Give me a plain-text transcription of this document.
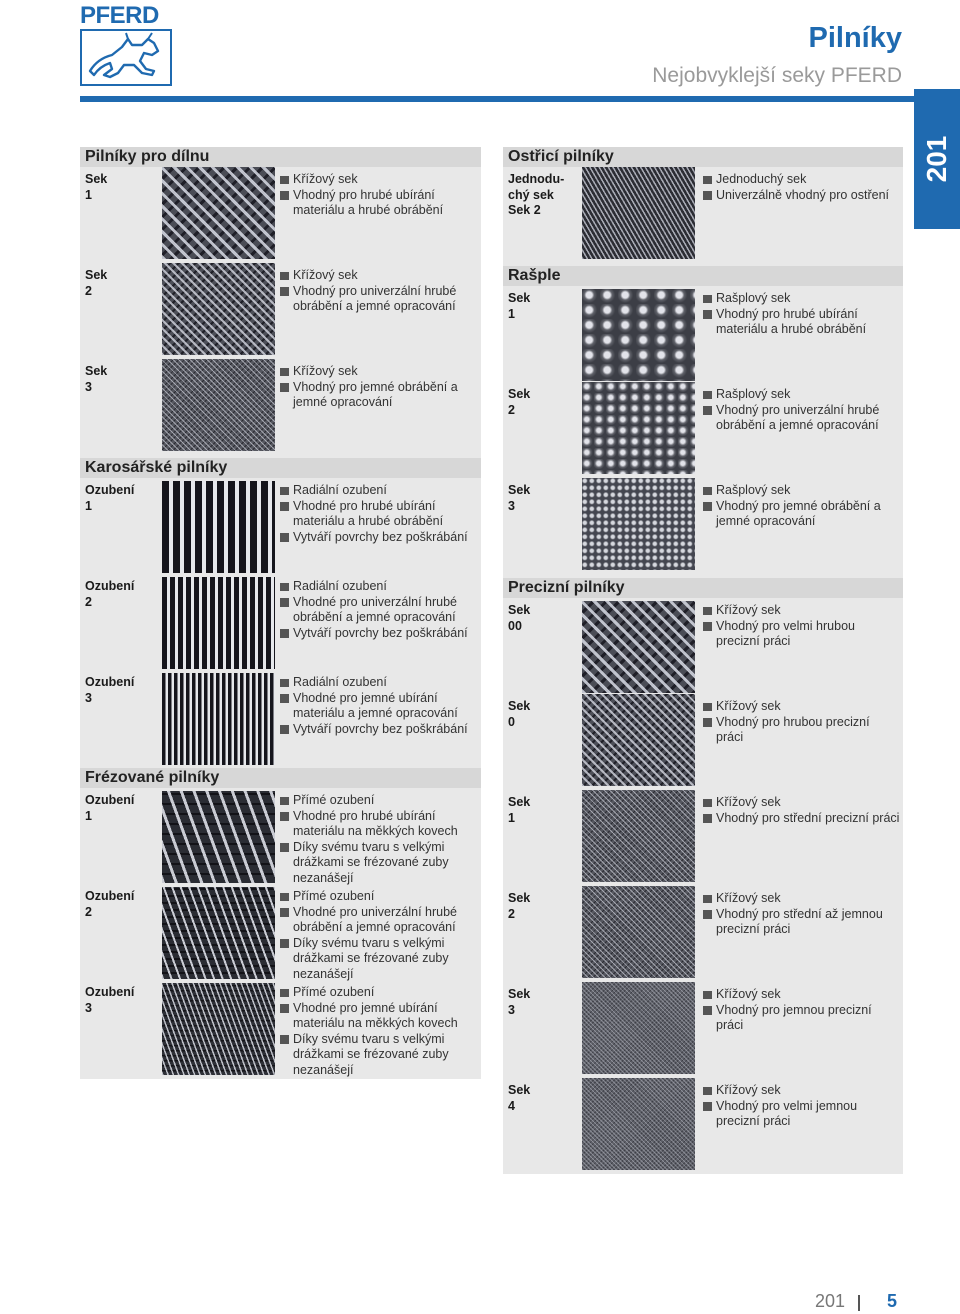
PFERD
Pilníky
Nejobvyklejší seky PFERD
201
Pilníky pro dílnu
Sek 1
Křížový sek
Vhodný pro hrubé ubírání
materiálu a hrubé obrábění
Sek 2
Křížový sek
Vhodný pro univerzální hrubé
obrábění a jemné opracování
Sek 3
Křížový sek
Vhodný pro jemné obrábění a
jemné opracování
Karosářské pilníky
Ozubení 1
Radiální ozubení
Vhodné pro hrubé ubírání
materiálu a hrubé obrábění
Vytváří povrchy bez poškrábání
Ozubení 2
Radiální ozubení
Vhodné pro univerzální hrubé
obrábění a jemné opracování
Vytváří povrchy bez poškrábání
Ozubení 3
Radiální ozubení
Vhodné pro jemné ubírání
materiálu a jemné opracování
Vytváří povrchy bez poškrábání
Frézované pilníky
Ozubení 1
Přímé ozubení
Vhodné pro hrubé ubírání
materiálu na měkkých kovech
Díky svému tvaru s velkými
drážkami se frézované zuby
nezanášejí
Ozubení 2
Přímé ozubení
Vhodné pro univerzální hrubé
obrábění a jemné opracování
Díky svému tvaru s velkými
drážkami se frézované zuby
nezanášejí
Ozubení 3
Přímé ozubení
Vhodné pro jemné ubírání
materiálu na měkkých kovech
Díky svému tvaru s velkými
drážkami se frézované zuby
nezanášejí
Ostřicí pilníky
Jednodu-
chý sek
Sek 2
Jednoduchý sek
Univerzálně vhodný pro ostření
Rašple
Sek 1
Rašplový sek
Vhodný pro hrubé ubírání
materiálu a hrubé obrábění
Sek 2
Rašplový sek
Vhodný pro univerzální hrubé
obrábění a jemné opracování
Sek 3
Rašplový sek
Vhodný pro jemné obrábění a
jemné opracování
Precizní pilníky
Sek 00
Křížový sek
Vhodný pro velmi hrubou
precizní práci
Sek 0
Křížový sek
Vhodný pro hrubou precizní
práci
Sek 1
Křížový sek
Vhodný pro střední precizní práci
Sek 2
Křížový sek
Vhodný pro střední až jemnou
precizní práci
Sek 3
Křížový sek
Vhodný pro jemnou precizní
práci
Sek 4
Křížový sek
Vhodný pro velmi jemnou
precizní práci
201 5
